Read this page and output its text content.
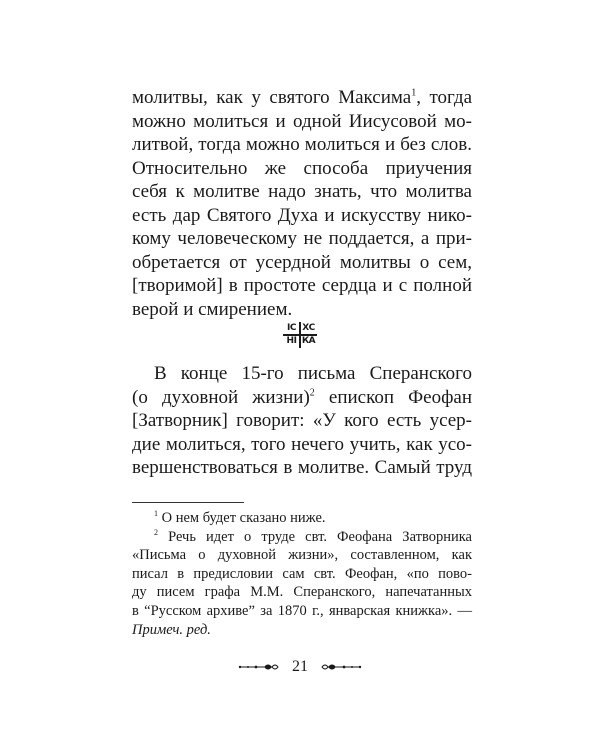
молитвы, как у святого Максима$^1$, тогда
можно молиться и одной Иисусовой мо-
литвой, тогда можно молиться и без слов.
Относительно же способа приучения
себя к молитве надо знать, что молитва
есть дар Святого Духа и искусству нико-
кому человеческому не поддается, а при-
обретается от усердной молитвы о сем,
[творимой] в простоте сердца и с полной
верой и смирением.
ІС ХС
НІ КА
В конце 15-го письма Сперанского
(о духовной жизни)$^2$ епископ Феофан
[Затворник] говорит: «У кого есть усер-
дие молиться, того нечего учить, как усо-
вершенствоваться в молитве. Самый труд
$^1$ О нем будет сказано ниже.
$^2$ Речь идет о труде свт. Феофана Затворника
«Письма о духовной жизни», составленном, как
писал в предисловии сам свт. Феофан, «по пово-
ду писем графа М.М. Сперанского, напечатанных
в “Русском архиве” за 1870 г., январская книжка». —
Примеч. ред.
21
